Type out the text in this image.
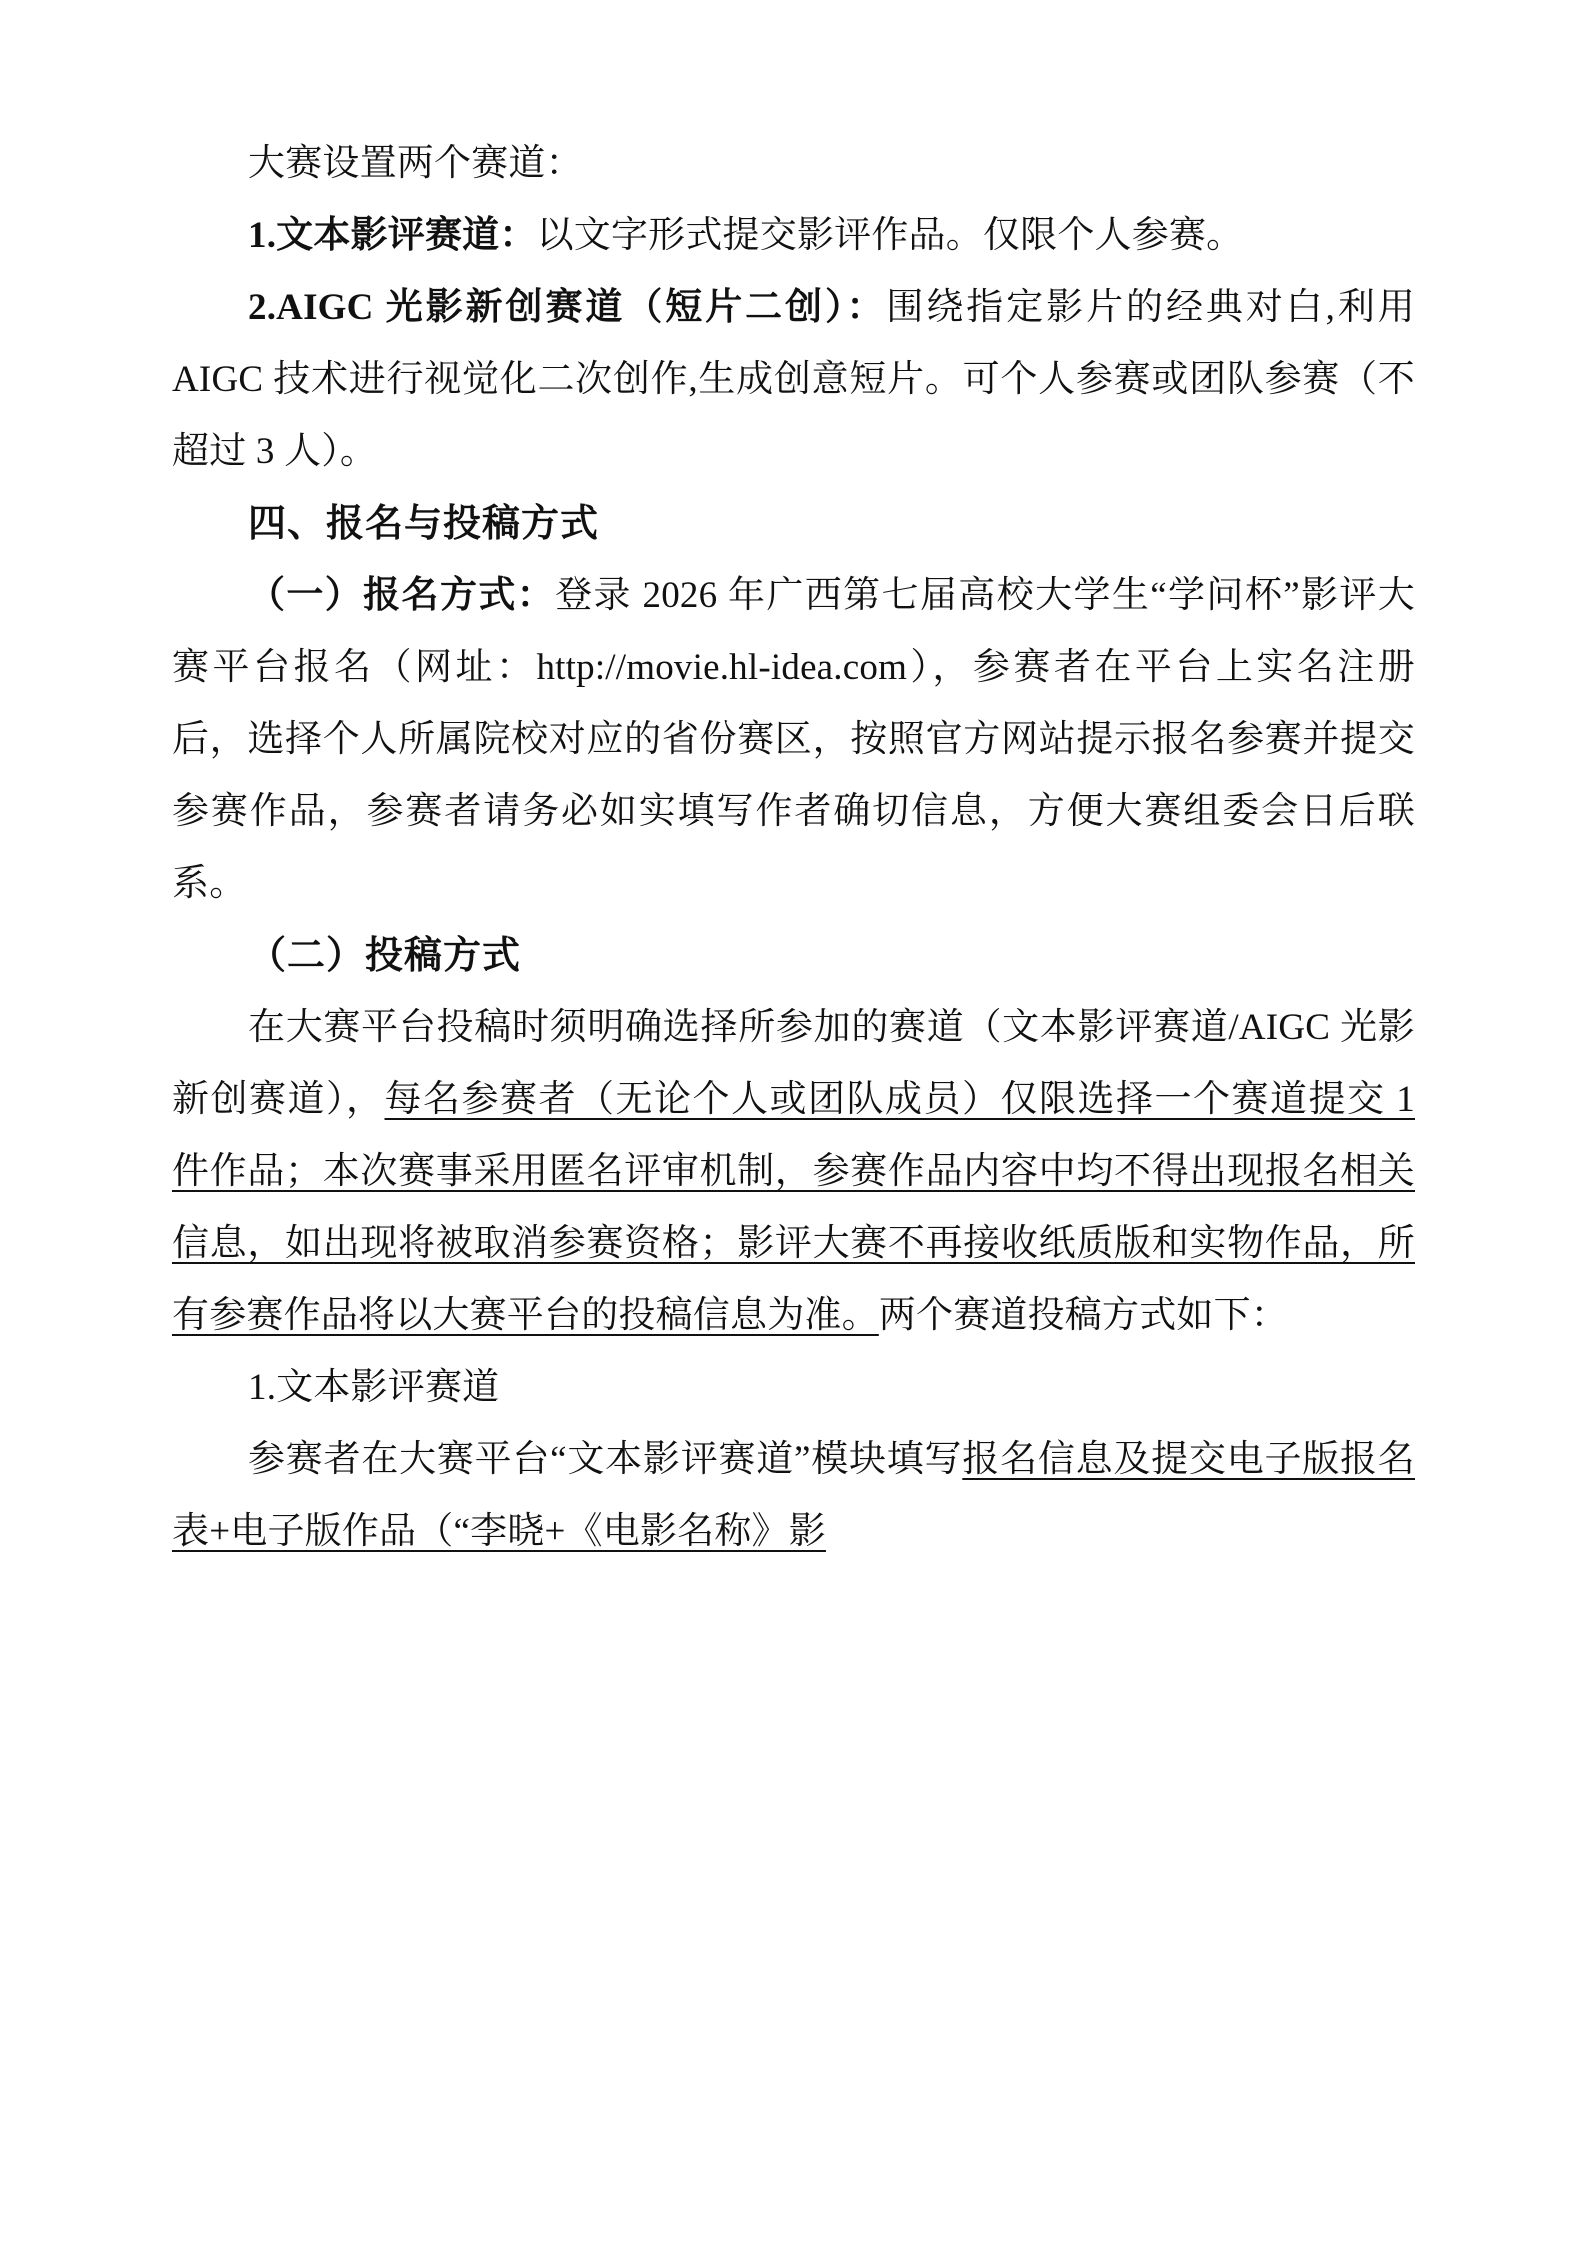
大赛设置两个赛道：

1.文本影评赛道：以文字形式提交影评作品。仅限个人参赛。

2.AIGC 光影新创赛道（短片二创）：围绕指定影片的经典对白,利用 AIGC 技术进行视觉化二次创作,生成创意短片。可个人参赛或团队参赛（不超过 3 人）。

四、报名与投稿方式

（一）报名方式：登录 2026 年广西第七届高校大学生“学问杯”影评大赛平台报名（网址：http://movie.hl-idea.com），参赛者在平台上实名注册后，选择个人所属院校对应的省份赛区，按照官方网站提示报名参赛并提交参赛作品，参赛者请务必如实填写作者确切信息，方便大赛组委会日后联系。

（二）投稿方式

在大赛平台投稿时须明确选择所参加的赛道（文本影评赛道/AIGC 光影新创赛道），每名参赛者（无论个人或团队成员）仅限选择一个赛道提交 1 件作品；本次赛事采用匿名评审机制，参赛作品内容中均不得出现报名相关信息，如出现将被取消参赛资格；影评大赛不再接收纸质版和实物作品，所有参赛作品将以大赛平台的投稿信息为准。两个赛道投稿方式如下：

1.文本影评赛道

参赛者在大赛平台“文本影评赛道”模块填写报名信息及提交电子版报名表+电子版作品（“李晓+《电影名称》影
